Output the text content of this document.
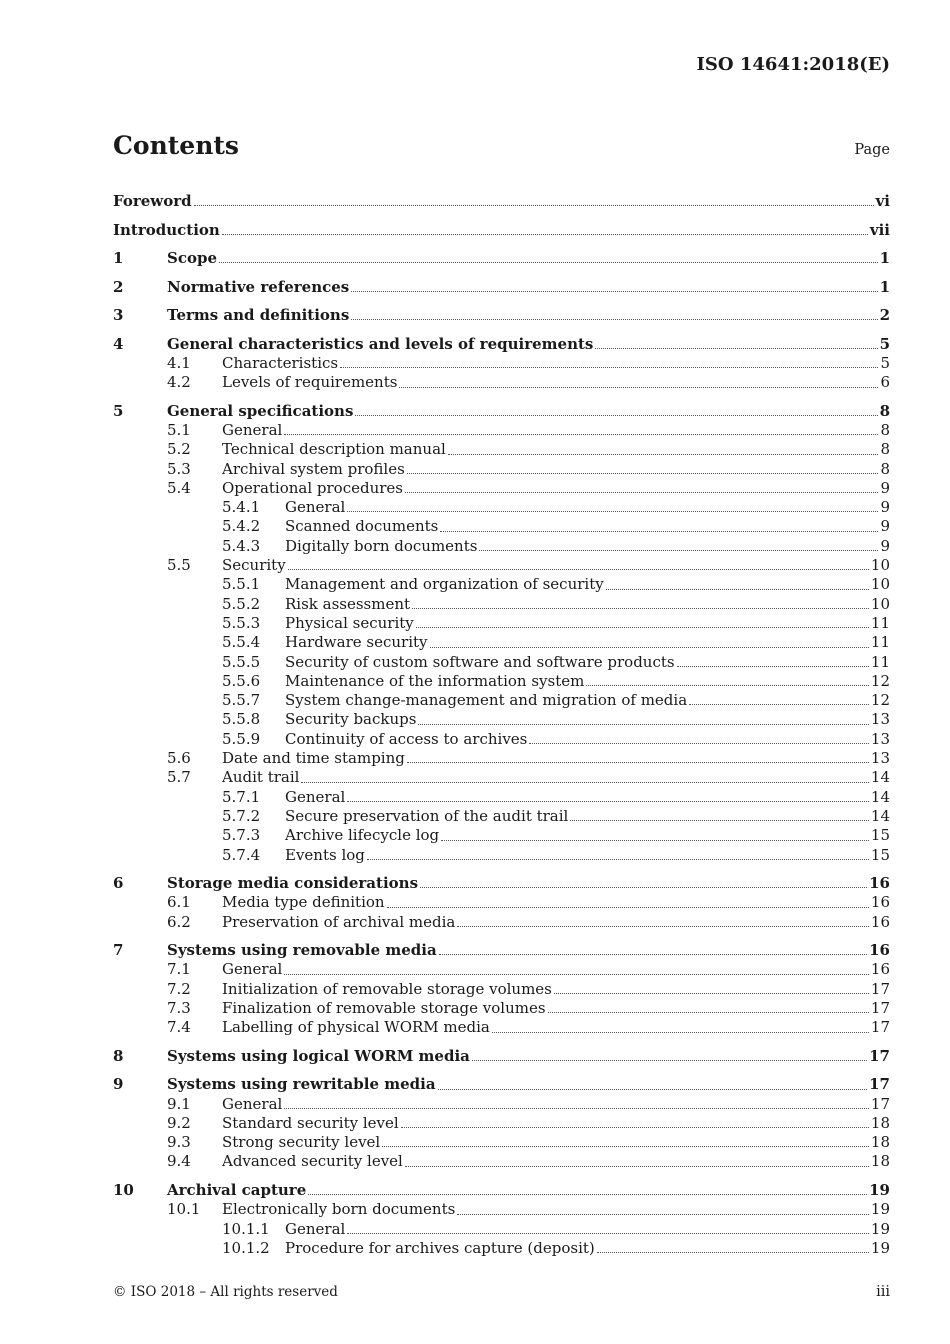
ISO 14641:2018(E)
Contents	Page
Foreword	vi
Introduction	vii
1	Scope	1
2	Normative references	1
3	Terms and definitions	2
4	General characteristics and levels of requirements	5
4.1	Characteristics	5
4.2	Levels of requirements	6
5	General specifications	8
5.1	General	8
5.2	Technical description manual	8
5.3	Archival system profiles	8
5.4	Operational procedures	9
5.4.1	General	9
5.4.2	Scanned documents	9
5.4.3	Digitally born documents	9
5.5	Security	10
5.5.1	Management and organization of security	10
5.5.2	Risk assessment	10
5.5.3	Physical security	11
5.5.4	Hardware security	11
5.5.5	Security of custom software and software products	11
5.5.6	Maintenance of the information system	12
5.5.7	System change-management and migration of media	12
5.5.8	Security backups	13
5.5.9	Continuity of access to archives	13
5.6	Date and time stamping	13
5.7	Audit trail	14
5.7.1	General	14
5.7.2	Secure preservation of the audit trail	14
5.7.3	Archive lifecycle log	15
5.7.4	Events log	15
6	Storage media considerations	16
6.1	Media type definition	16
6.2	Preservation of archival media	16
7	Systems using removable media	16
7.1	General	16
7.2	Initialization of removable storage volumes	17
7.3	Finalization of removable storage volumes	17
7.4	Labelling of physical WORM media	17
8	Systems using logical WORM media	17
9	Systems using rewritable media	17
9.1	General	17
9.2	Standard security level	18
9.3	Strong security level	18
9.4	Advanced security level	18
10	Archival capture	19
10.1	Electronically born documents	19
10.1.1	General	19
10.1.2	Procedure for archives capture (deposit)	19
© ISO 2018 – All rights reserved	iii
